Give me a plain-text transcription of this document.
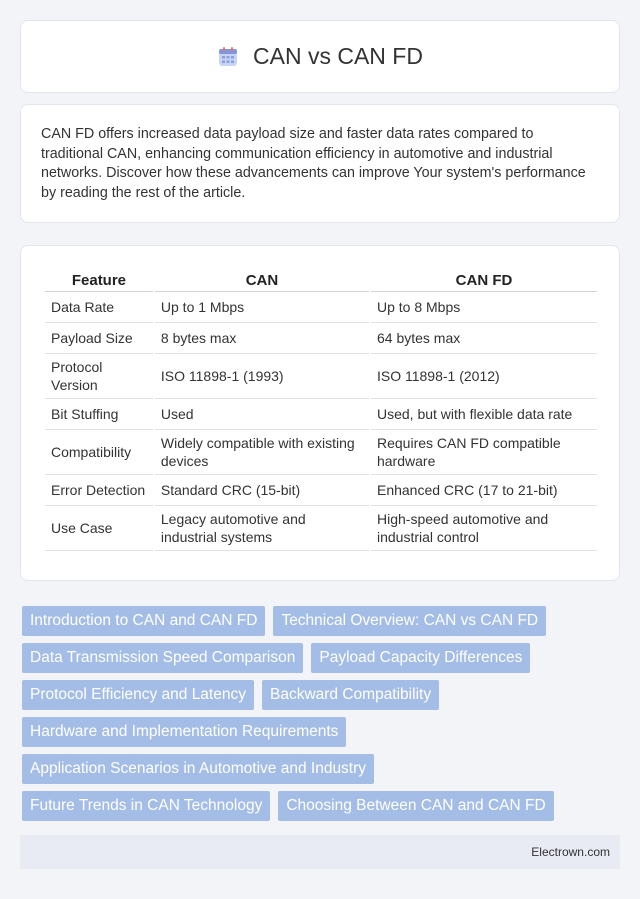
CAN vs CAN FD

CAN FD offers increased data payload size and faster data rates compared to traditional CAN, enhancing communication efficiency in automotive and industrial networks. Discover how these advancements can improve Your system's performance by reading the rest of the article.

Feature	CAN	CAN FD
Data Rate	Up to 1 Mbps	Up to 8 Mbps
Payload Size	8 bytes max	64 bytes max
Protocol Version	ISO 11898-1 (1993)	ISO 11898-1 (2012)
Bit Stuffing	Used	Used, but with flexible data rate
Compatibility	Widely compatible with existing devices	Requires CAN FD compatible hardware
Error Detection	Standard CRC (15-bit)	Enhanced CRC (17 to 21-bit)
Use Case	Legacy automotive and industrial systems	High-speed automotive and industrial control
Introduction to CAN and CAN FD	Technical Overview: CAN vs CAN FD
Data Transmission Speed Comparison	Payload Capacity Differences
Protocol Efficiency and Latency	Backward Compatibility
Hardware and Implementation Requirements
Application Scenarios in Automotive and Industry
Future Trends in CAN Technology	Choosing Between CAN and CAN FD
Electrown.com
